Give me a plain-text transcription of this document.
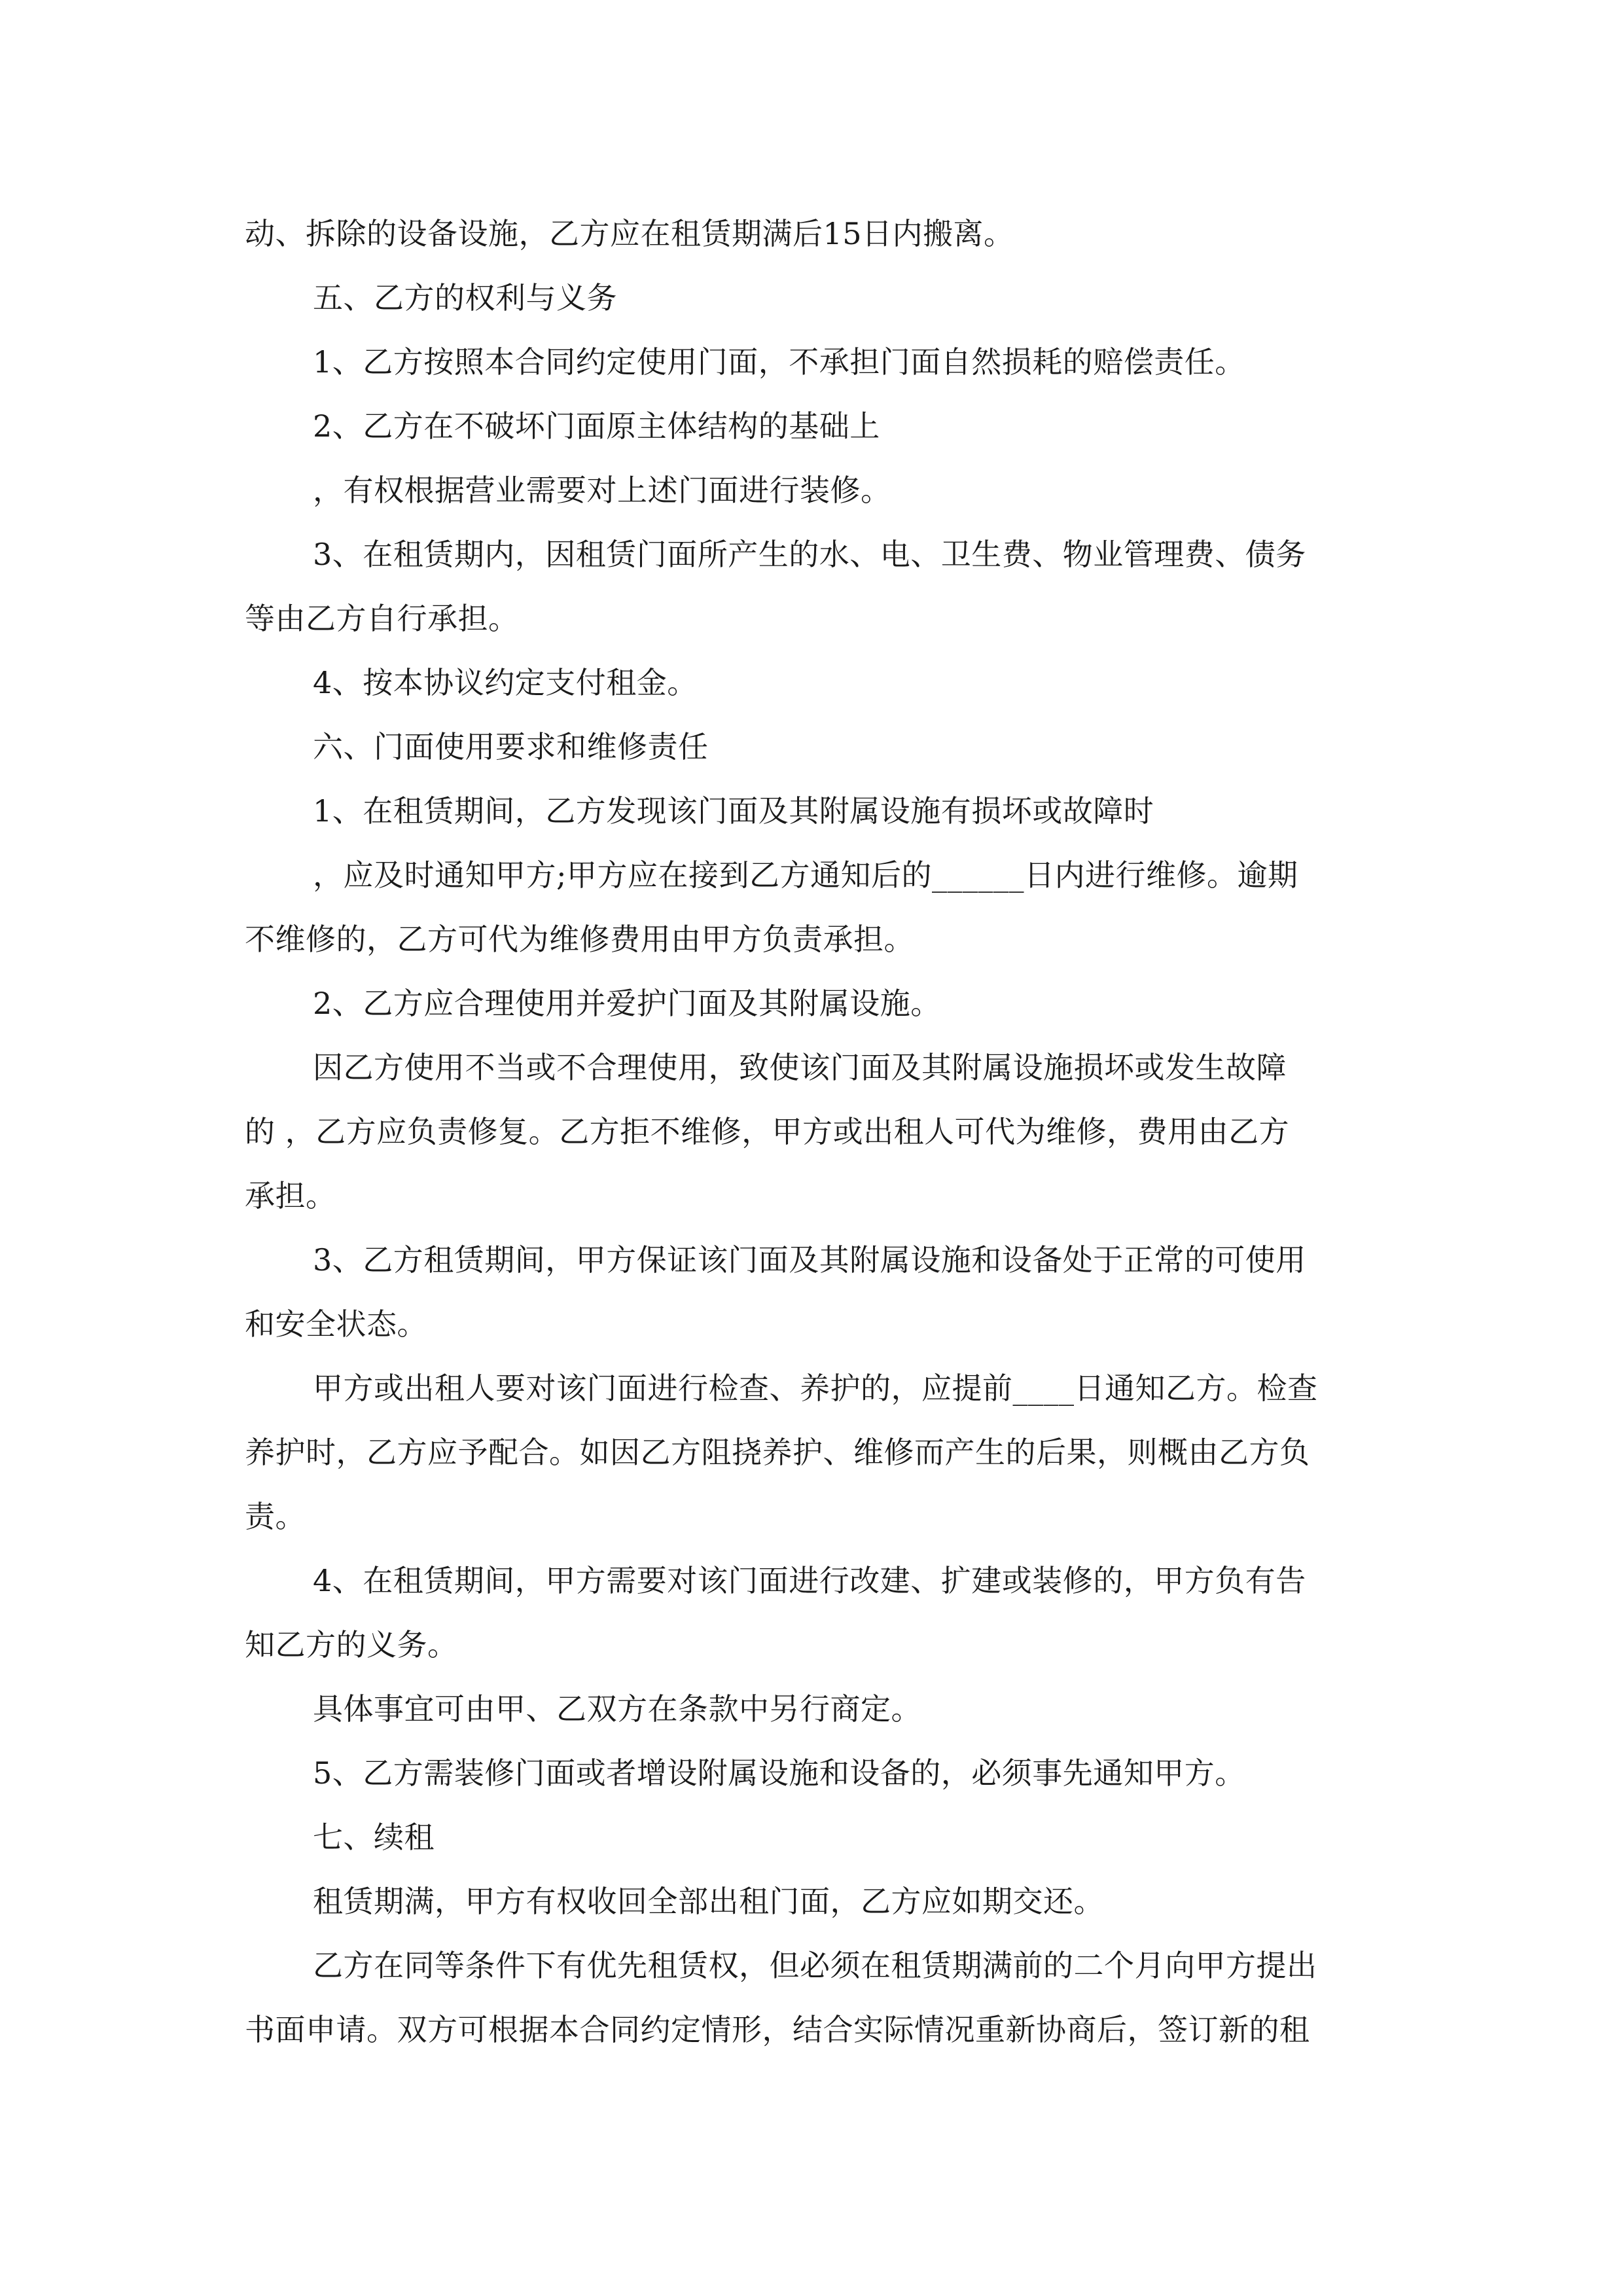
动、拆除的设备设施，乙方应在租赁期满后15日内搬离。
五、乙方的权利与义务
1、乙方按照本合同约定使用门面，不承担门面自然损耗的赔偿责任。
2、乙方在不破坏门面原主体结构的基础上
，有权根据营业需要对上述门面进行装修。
3、在租赁期内，因租赁门面所产生的水、电、卫生费、物业管理费、债务
等由乙方自行承担。
4、按本协议约定支付租金。
六、门面使用要求和维修责任
1、在租赁期间，乙方发现该门面及其附属设施有损坏或故障时
，应及时通知甲方;甲方应在接到乙方通知后的______日内进行维修。逾期
不维修的，乙方可代为维修费用由甲方负责承担。
2、乙方应合理使用并爱护门面及其附属设施。
因乙方使用不当或不合理使用，致使该门面及其附属设施损坏或发生故障
的 ，乙方应负责修复。乙方拒不维修，甲方或出租人可代为维修，费用由乙方
承担。
3、乙方租赁期间，甲方保证该门面及其附属设施和设备处于正常的可使用
和安全状态。
甲方或出租人要对该门面进行检查、养护的，应提前____日通知乙方。检查
养护时，乙方应予配合。如因乙方阻挠养护、维修而产生的后果，则概由乙方负
责。
4、在租赁期间，甲方需要对该门面进行改建、扩建或装修的，甲方负有告
知乙方的义务。
具体事宜可由甲、乙双方在条款中另行商定。
5、乙方需装修门面或者增设附属设施和设备的，必须事先通知甲方。
七、续租
租赁期满，甲方有权收回全部出租门面，乙方应如期交还。
乙方在同等条件下有优先租赁权，但必须在租赁期满前的二个月向甲方提出
书面申请。双方可根据本合同约定情形，结合实际情况重新协商后，签订新的租
